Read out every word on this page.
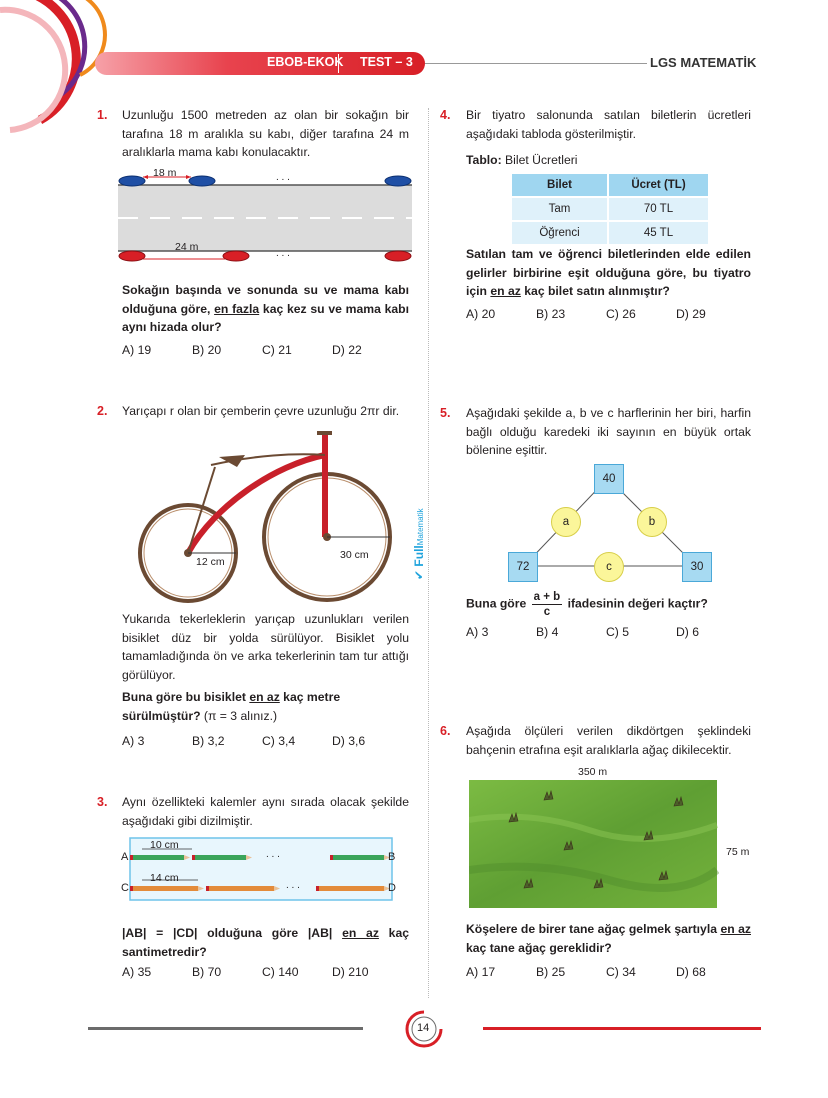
EBOB-EKOK TEST – 3	LGS MATEMATİK
✔ FullMatematik
1. Uzunluğu 1500 metreden az olan bir sokağın bir tarafına 18 m aralıkla su kabı, diğer tarafına 24 m aralıklarla mama kabı konulacaktır.
18 m	. . .
24 m
. . .
Sokağın başında ve sonunda su ve mama kabı olduğuna göre, en fazla kaç kez su ve mama kabı aynı hizada olur?
A) 19	B) 20	C) 21	D) 22
2. Yarıçapı r olan bir çemberin çevre uzunluğu 2πr dir.
12 cm
30 cm
Yukarıda tekerleklerin yarıçap uzunlukları verilen bisiklet düz bir yolda sürülüyor. Bisiklet yolu tamamladığında ön ve arka tekerlerinin tam tur attığı görülüyor.
Buna göre bu bisiklet en az kaç metre sürülmüştür? (π = 3 alınız.)
A) 3	B) 3,2	C) 3,4	D) 3,6
3. Aynı özellikteki kalemler aynı sırada olacak şekilde aşağıdaki gibi dizilmiştir.
10 cm
14 cm
A	B
C	D
. . .
. . .
|AB| = |CD| olduğuna göre |AB| en az kaç santimetredir?
A) 35	B) 70	C) 140	D) 210
4. Bir tiyatro salonunda satılan biletlerin ücretleri aşağıdaki tabloda gösterilmiştir.
Tablo: Bilet Ücretleri
Bilet	Ücret (TL)
Tam	70 TL
Öğrenci	45 TL
Satılan tam ve öğrenci biletlerinden elde edilen gelirler birbirine eşit olduğuna göre, bu tiyatro için en az kaç bilet satın alınmıştır?
A) 20	B) 23	C) 26	D) 29
5. Aşağıdaki şekilde a, b ve c harflerinin her biri, harfin bağlı olduğu karedeki iki sayının en büyük ortak bölenine eşittir.
40
72	30
a	b
c
Buna göre $\frac{a + b}{c}$ ifadesinin değeri kaçtır?
A) 3	B) 4	C) 5	D) 6
6. Aşağıda ölçüleri verilen dikdörtgen şeklindeki bahçenin etrafına eşit aralıklarla ağaç dikilecektir.
350 m
75 m
Köşelere de birer tane ağaç gelmek şartıyla en az kaç tane ağaç gereklidir?
A) 17	B) 25	C) 34	D) 68
14
